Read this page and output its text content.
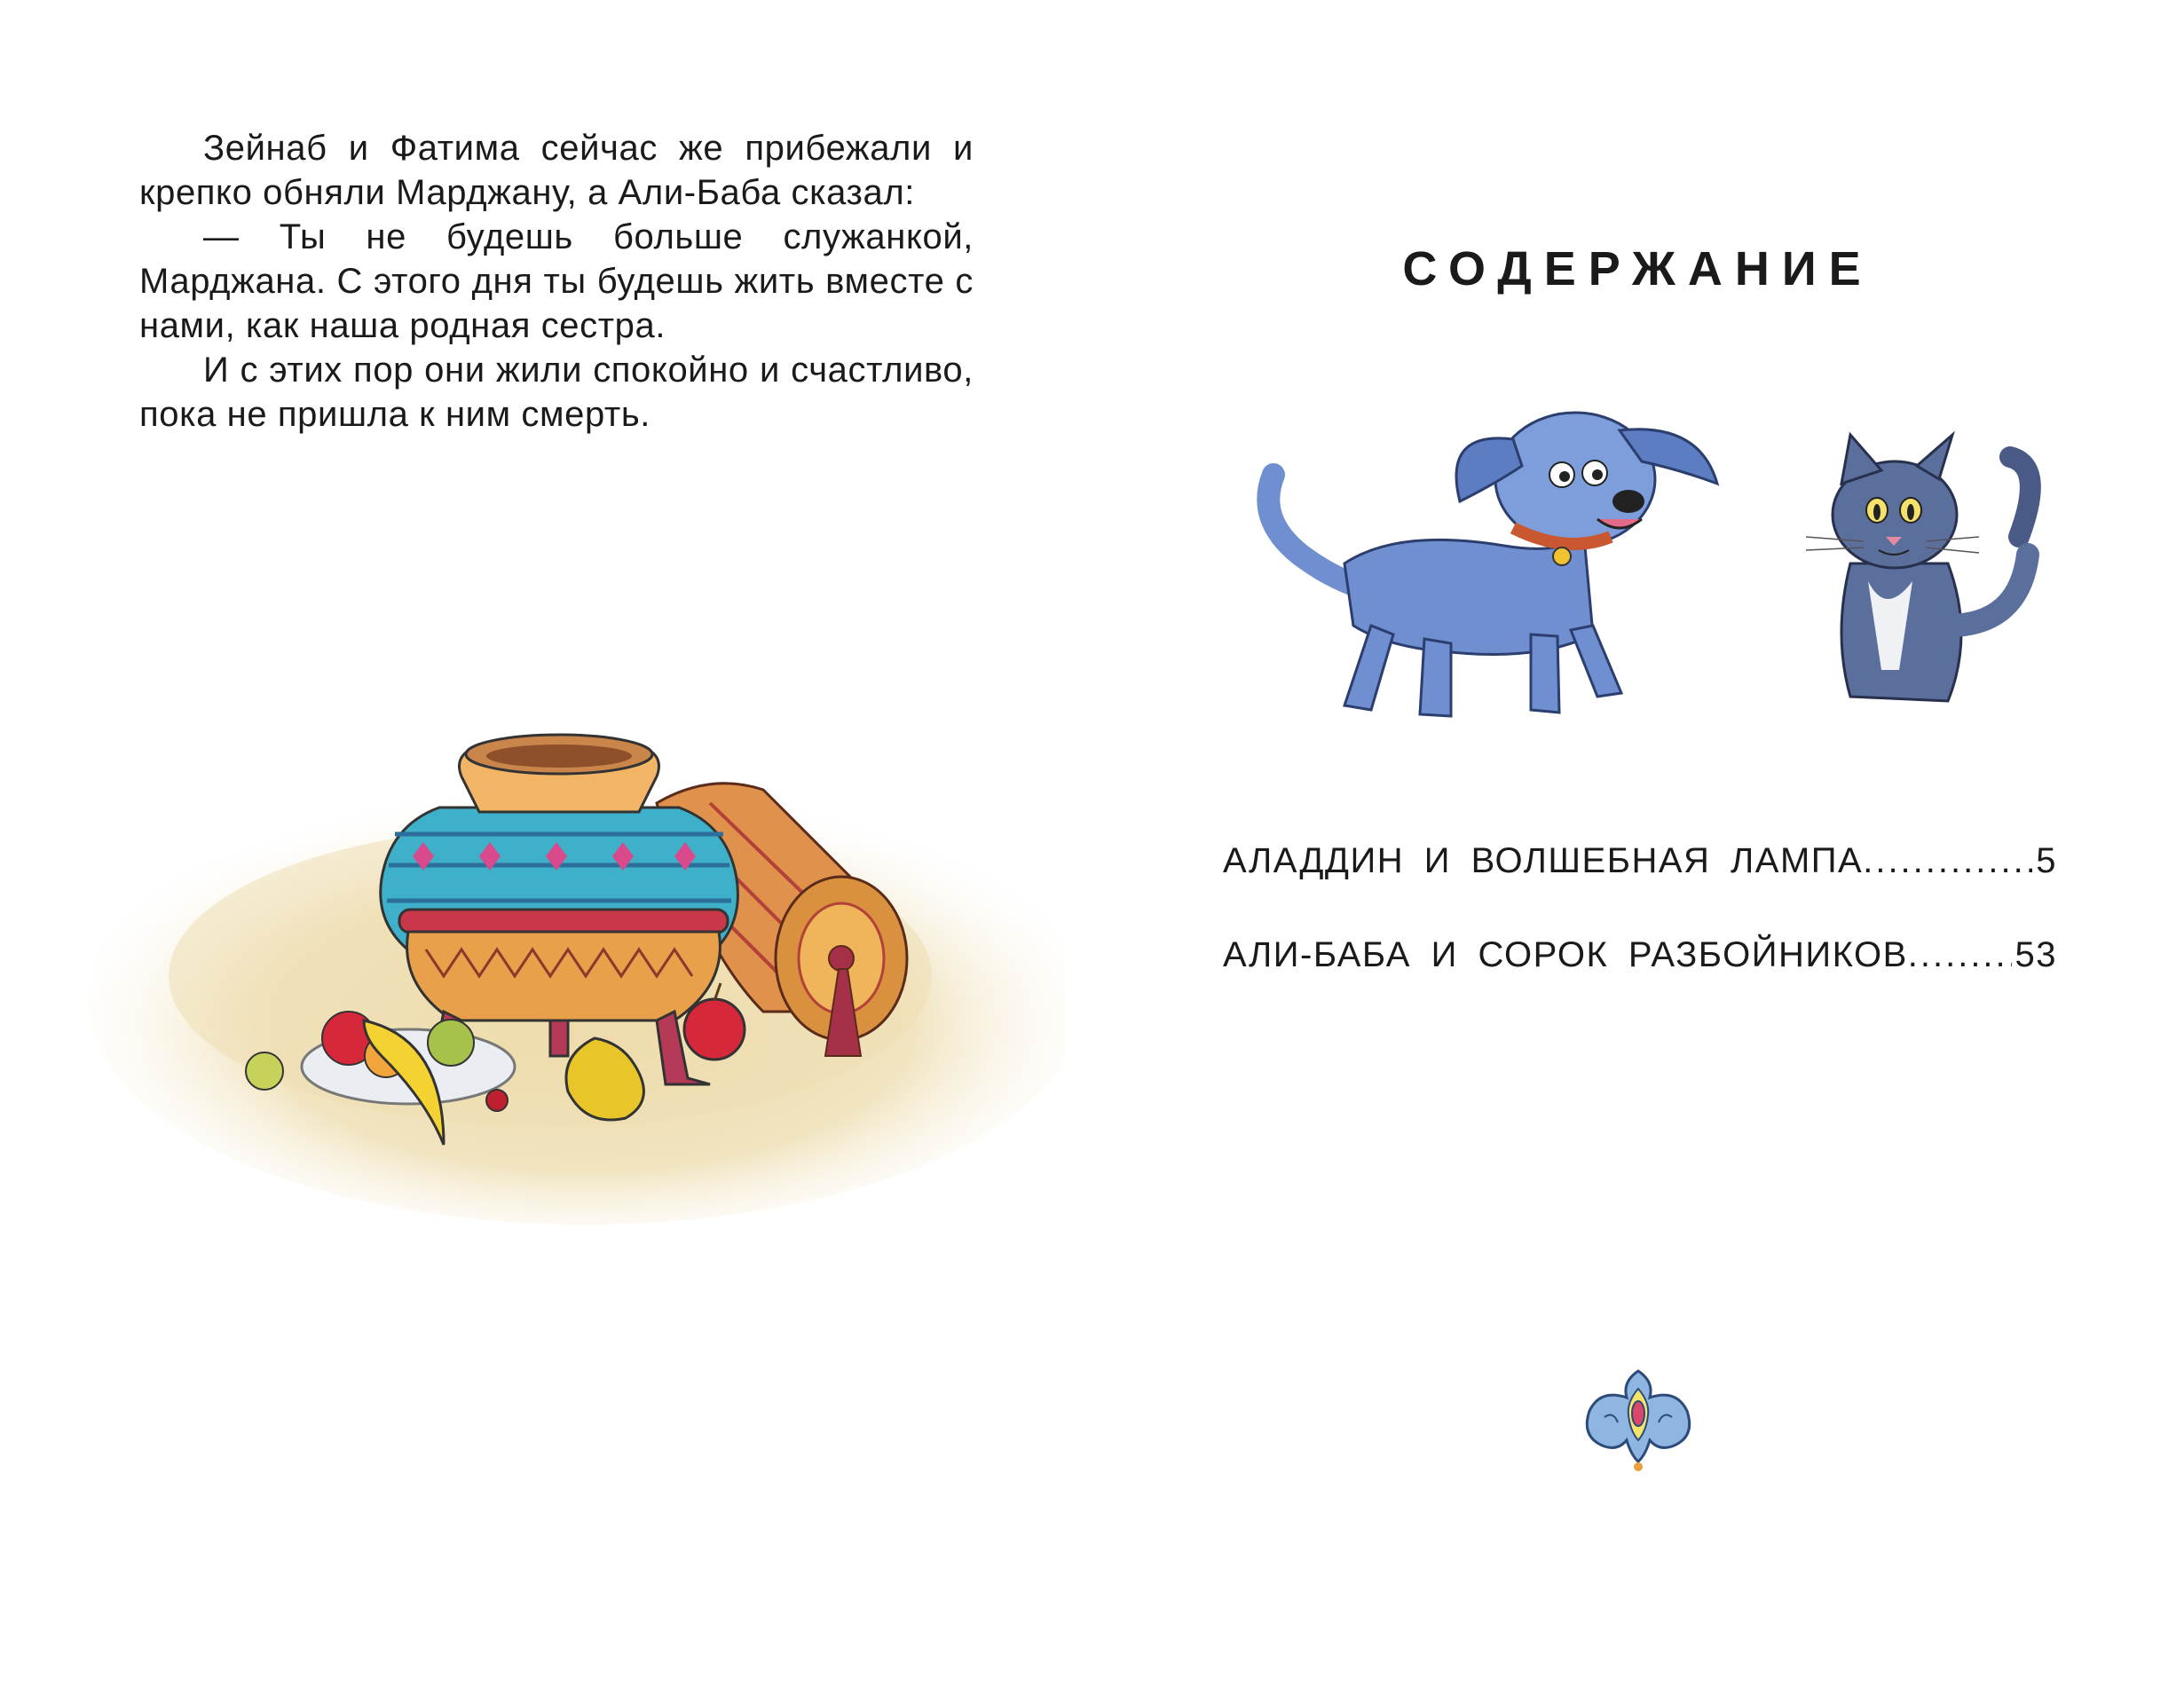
Зейнаб и Фатима сейчас же прибежали и крепко обняли Марджану, а Али-Баба сказал:

— Ты не будешь больше служанкой, Марджана. С этого дня ты будешь жить вместе с нами, как наша родная сестра.

И с этих пор они жили спокойно и счастливо, пока не пришла к ним смерть.

СОДЕРЖАНИЕ
АЛАДДИН И ВОЛШЕБНАЯ ЛАМПА .....	5
АЛИ-БАБА И СОРОК РАЗБОЙНИКОВ .....	53
